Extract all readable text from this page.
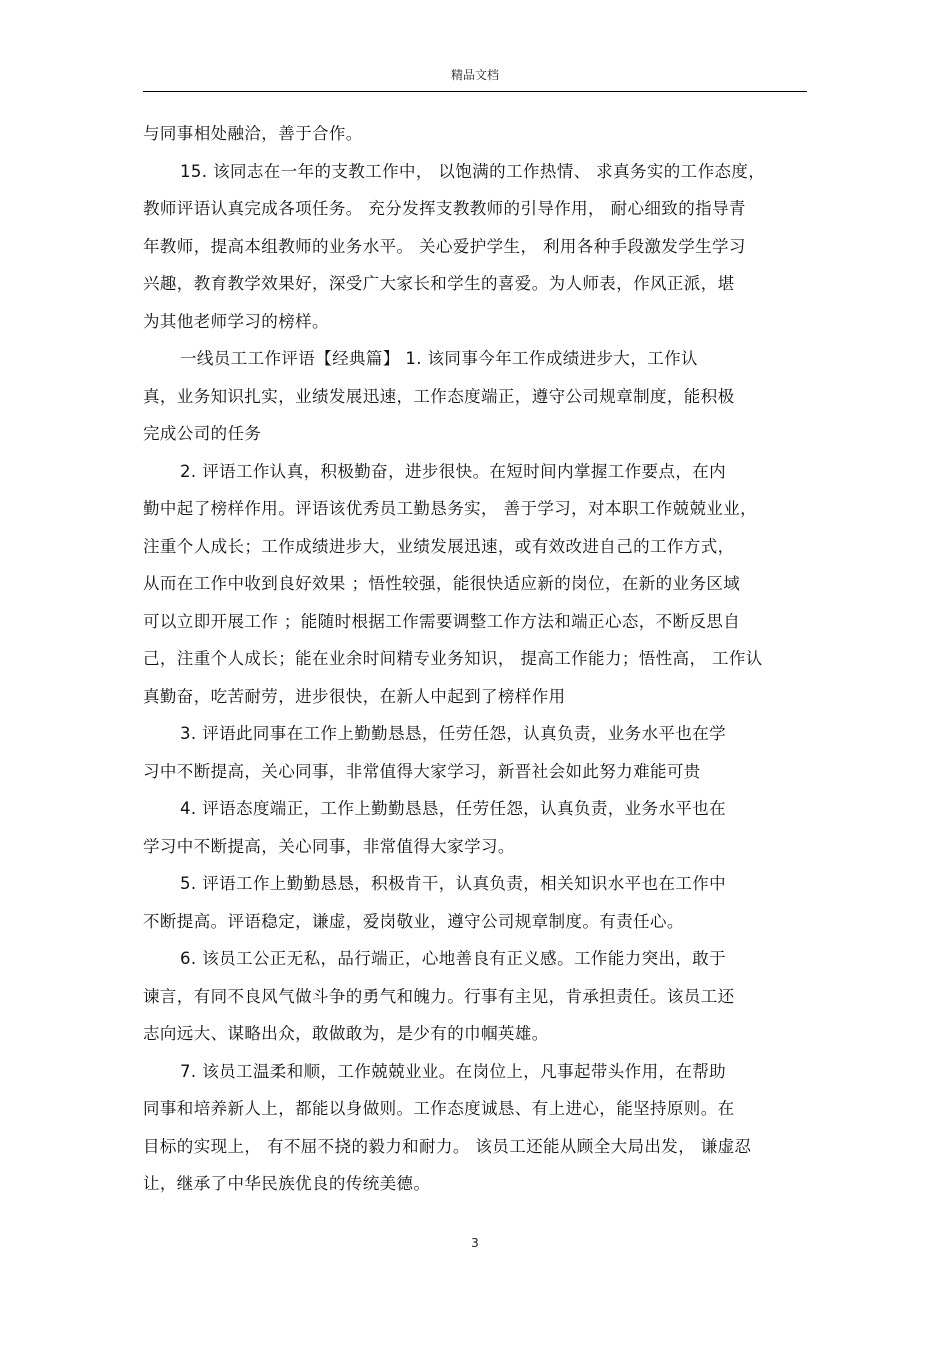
精品文档
与同事相处融洽，善于合作。
15. 该同志在一年的支教工作中， 以饱满的工作热情、 求真务实的工作态度，
教师评语认真完成各项任务。 充分发挥支教教师的引导作用， 耐心细致的指导青
年教师，提高本组教师的业务水平。 关心爱护学生， 利用各种手段激发学生学习
兴趣，教育教学效果好，深受广大家长和学生的喜爱。为人师表，作风正派，堪
为其他老师学习的榜样。
一线员工工作评语【经典篇】 1. 该同事今年工作成绩进步大，工作认
真，业务知识扎实，业绩发展迅速，工作态度端正，遵守公司规章制度，能积极
完成公司的任务
2. 评语工作认真，积极勤奋，进步很快。在短时间内掌握工作要点，在内
勤中起了榜样作用。评语该优秀员工勤恳务实， 善于学习，对本职工作兢兢业业，
注重个人成长；工作成绩进步大，业绩发展迅速，或有效改进自己的工作方式，
从而在工作中收到良好效果 ；悟性较强，能很快适应新的岗位，在新的业务区域
可以立即开展工作 ；能随时根据工作需要调整工作方法和端正心态，不断反思自
己，注重个人成长；能在业余时间精专业务知识， 提高工作能力；悟性高， 工作认
真勤奋，吃苦耐劳，进步很快，在新人中起到了榜样作用
3. 评语此同事在工作上勤勤恳恳，任劳任怨，认真负责，业务水平也在学
习中不断提高，关心同事，非常值得大家学习，新晋社会如此努力难能可贵
4. 评语态度端正，工作上勤勤恳恳，任劳任怨，认真负责，业务水平也在
学习中不断提高，关心同事，非常值得大家学习。
5. 评语工作上勤勤恳恳，积极肯干，认真负责，相关知识水平也在工作中
不断提高。评语稳定，谦虚，爱岗敬业，遵守公司规章制度。有责任心。
6. 该员工公正无私，品行端正，心地善良有正义感。工作能力突出，敢于
谏言，有同不良风气做斗争的勇气和魄力。行事有主见，肯承担责任。该员工还
志向远大、谋略出众，敢做敢为，是少有的巾帼英雄。
7. 该员工温柔和顺，工作兢兢业业。在岗位上，凡事起带头作用，在帮助
同事和培养新人上，都能以身做则。工作态度诚恳、有上进心，能坚持原则。在
目标的实现上， 有不屈不挠的毅力和耐力。 该员工还能从顾全大局出发， 谦虚忍
让，继承了中华民族优良的传统美德。
3
